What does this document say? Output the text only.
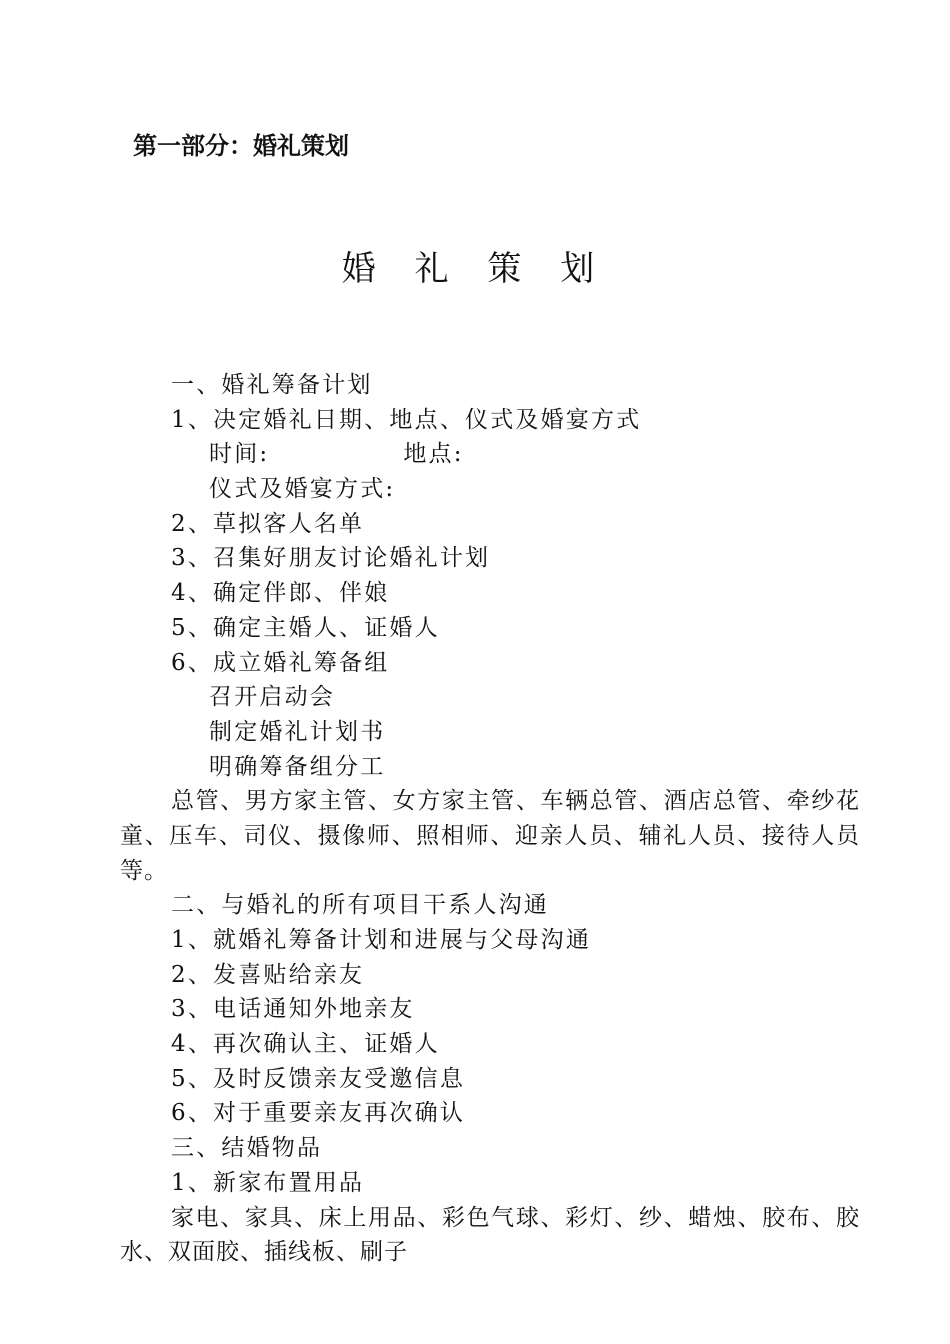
第一部分：婚礼策划
婚 礼 策 划
一、婚礼筹备计划
1、决定婚礼日期、地点、仪式及婚宴方式
时间:	地点:
仪式及婚宴方式:
2、草拟客人名单
3、召集好朋友讨论婚礼计划
4、确定伴郎、伴娘
5、确定主婚人、证婚人
6、成立婚礼筹备组
召开启动会
制定婚礼计划书
明确筹备组分工
总管、男方家主管、女方家主管、车辆总管、酒店总管、牵纱花童、压车、司仪、摄像师、照相师、迎亲人员、辅礼人员、接待人员等。
二、与婚礼的所有项目干系人沟通
1、就婚礼筹备计划和进展与父母沟通
2、发喜贴给亲友
3、电话通知外地亲友
4、再次确认主、证婚人
5、及时反馈亲友受邀信息
6、对于重要亲友再次确认
三、结婚物品
1、新家布置用品
家电、家具、床上用品、彩色气球、彩灯、纱、蜡烛、胶布、胶水、双面胶、插线板、刷子
